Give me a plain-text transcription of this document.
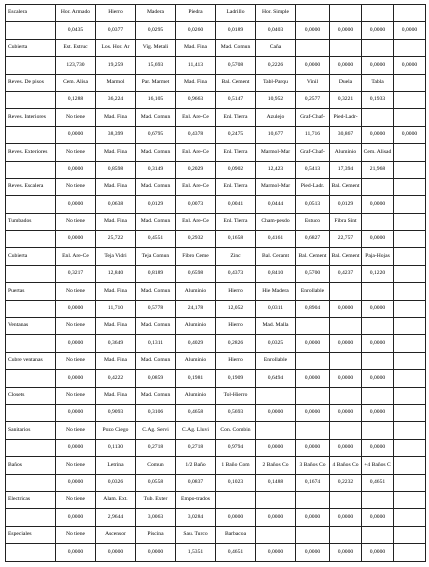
Escalera	Hor. Armado	Hierro	Madera	Piedra	Ladrillo	Hor. Simple				
	0,0435	0,0377	0,0295	0,0260	0,0189	0,0403	0,0000	0,0000	0,0000	0,0000
Cubierta	Est. Estruc	Los. Hor. Ar	Vig. Metali	Mad. Fina	Mad. Comun	Caña				
	123,730	19,259	15,693	11,413	0,5708	0,2226	0,0000	0,0000	0,0000	0,0000
Reves. De pisos	Cem. Alisa	Marmol	Par. Marmet	Mad. Fina	Bal. Cement	Tabl-Parqu	Vinil	Duela	Tabla	
	0,1288	36,224	16,105	0,9663	0,5147	10,952	0,2577	0,3221	0,1933	
Reves. Interiores	No tiene	Mad. Fina	Mad. Comun	Enl. Are-Ce	Enl. Tierra	Azulejo	Graf-Chaf-	Pied-Ladr-		
	0,0000	38,399	0,6795	0,4378	0,2475	10,677	11,716	30,867	0,0000	0,0000
Reves. Exteriores	No tiene	Mad. Fina	Mad. Comun	Enl. Are-Ce	Enl. Tierra	Marmol-Mar	Graf-Chaf-	Aluminio	Cem. Alisad	
	0,0000	0,8598	0,3149	0,2029	0,0902	12,423	0,5413	17,394	21,968	
Reves. Escalera	No tiene	Mad. Fina	Mad. Comun	Enl. Are-Ce	Enl. Tierra	Marmol-Mar	Pied-Ladr.	Bal. Cement		
	0,0000	0,0638	0,0129	0,0073	0,0041	0,0444	0,0513	0,0129	0,0000	
Tumbados	No tiene	Mad. Fina	Mad. Comun	Enl. Are-Ce	Enl. Tierra	Cham-pesdo	Estuco	Fibra Sint		
	0,0000	25,722	0,4551	0,2932	0,1658	0,4161	0,6827	22,757	0,0000	
Cubierta	Enl. Are-Ce	Teja Vidri	Teja Comun	Fibro Ceme	Zinc	Bal. Ceramt	Bal. Cement	Bal. Cement	Paja-Hojas	
	0,3217	12,840	0,8189	0,6598	0,4373	0,8410	0,5700	0,4237	0,1220	
Puertas	No tiene	Mad. Fina	Mad. Comun	Aluminio	Hierro	Hie Madera	Enrollable			
	0,0000	11,710	0,5778	24,178	12,052	0,0311	0,8904	0,0000	0,0000	
Ventanas	No tiene	Mad. Fina	Mad. Comun	Aluminio	Hierro	Mad. Malla				
	0,0000	0,3649	0,1311	0,4029	0,2826	0,0325	0,0000	0,0000	0,0000	
Cubre ventanas	No tiene	Mad. Fina	Mad. Comun	Aluminio	Hierro	Enrollable				
	0,0000	0,4222	0,0859	0,1981	0,1909	0,6494	0,0000	0,0000	0,0000	
Closets	No tiene	Mad. Fina	Mad. Comun	Aluminio	Tol-Hierro					
	0,0000	0,9093	0,3106	0,4658	0,5693	0,0000	0,0000	0,0000	0,0000	
Sanitarios	No tiene	Pozo Ciego	C.Ag. Servi	C.Ag. Lluvi	Con. Combin					
	0,0000	0,1130	0,2718	0,2718	0,9794	0,0000	0,0000	0,0000	0,0000	
Baños	No tiene	Letrina	Comun	1/2 Baño	1 Baño Com	2 Baños Co	3 Baños Co	4 Baños Co	+4 Baños C	
	0,0000	0,0326	0,0558	0,0837	0,1023	0,1488	0,1674	0,2232	0,4651	
Electricas	No tiene	Alam. Ext.	Tub. Exter	Empo-trados						
	0,0000	2,9644	3,0063	3,0284	0,0000	0,0000	0,0000	0,0000	0,0000	
Especiales	No tiene	Ascensor	Piscina	Sau. Turco	Barbacoa					
	0,0000	0,0000	0,0000	1,5351	0,4651	0,0000	0,0000	0,0000	0,0000	
